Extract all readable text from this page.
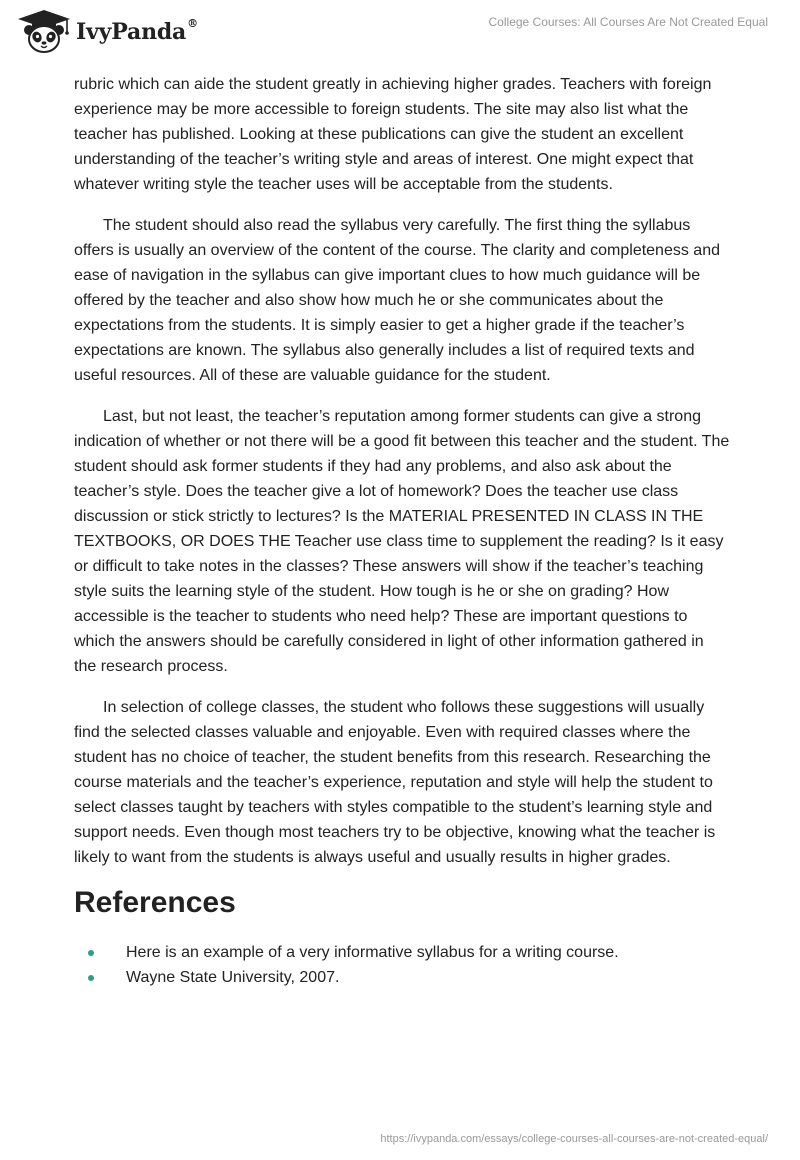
IvyPanda®	College Courses: All Courses Are Not Created Equal

rubric which can aide the student greatly in achieving higher grades. Teachers with foreign experience may be more accessible to foreign students. The site may also list what the teacher has published. Looking at these publications can give the student an excellent understanding of the teacher’s writing style and areas of interest. One might expect that whatever writing style the teacher uses will be acceptable from the students.

The student should also read the syllabus very carefully. The first thing the syllabus offers is usually an overview of the content of the course. The clarity and completeness and ease of navigation in the syllabus can give important clues to how much guidance will be offered by the teacher and also show how much he or she communicates about the expectations from the students. It is simply easier to get a higher grade if the teacher’s expectations are known. The syllabus also generally includes a list of required texts and useful resources. All of these are valuable guidance for the student.

Last, but not least, the teacher’s reputation among former students can give a strong indication of whether or not there will be a good fit between this teacher and the student. The student should ask former students if they had any problems, and also ask about the teacher’s style. Does the teacher give a lot of homework? Does the teacher use class discussion or stick strictly to lectures? Is the MATERIAL PRESENTED IN CLASS IN THE TEXTBOOKS, OR DOES THE Teacher use class time to supplement the reading? Is it easy or difficult to take notes in the classes? These answers will show if the teacher’s teaching style suits the learning style of the student. How tough is he or she on grading? How accessible is the teacher to students who need help? These are important questions to which the answers should be carefully considered in light of other information gathered in the research process.

In selection of college classes, the student who follows these suggestions will usually find the selected classes valuable and enjoyable. Even with required classes where the student has no choice of teacher, the student benefits from this research. Researching the course materials and the teacher’s experience, reputation and style will help the student to select classes taught by teachers with styles compatible to the student’s learning style and support needs. Even though most teachers try to be objective, knowing what the teacher is likely to want from the students is always useful and usually results in higher grades.

References
Here is an example of a very informative syllabus for a writing course.
Wayne State University, 2007.
https://ivypanda.com/essays/college-courses-all-courses-are-not-created-equal/
